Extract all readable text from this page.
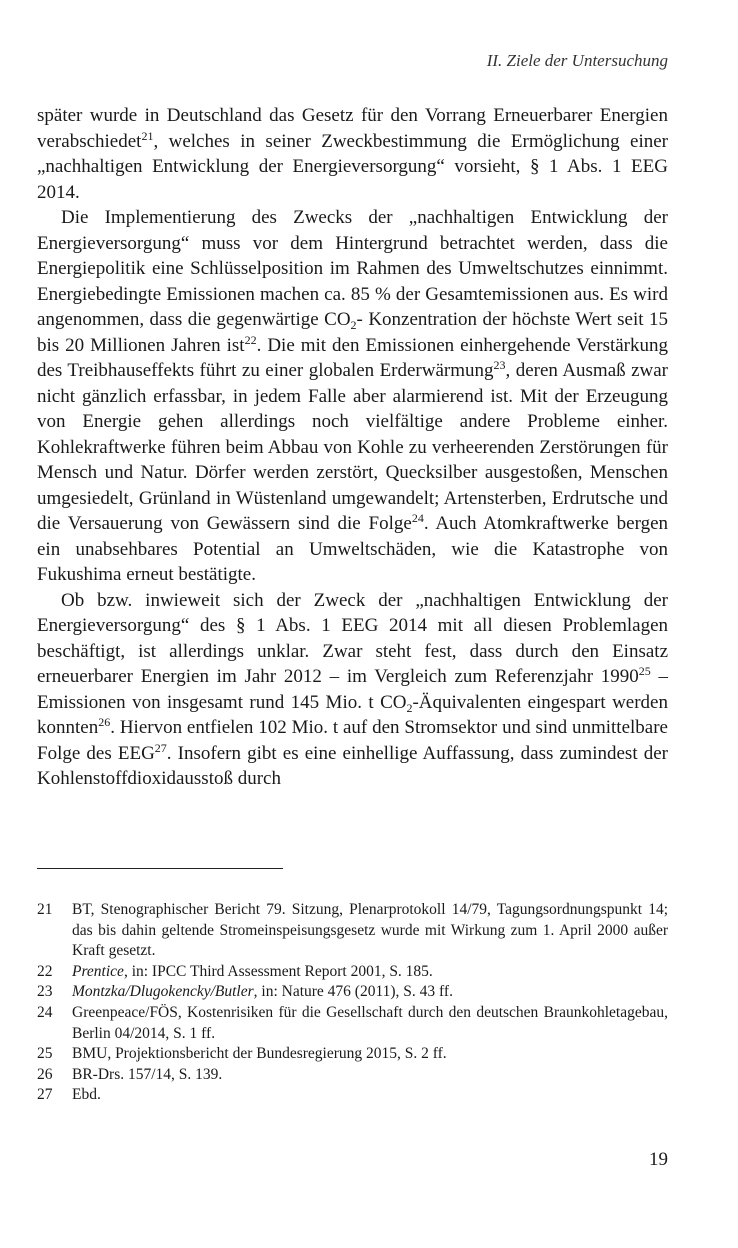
II. Ziele der Untersuchung

später wurde in Deutschland das Gesetz für den Vorrang Erneuerbarer Energien verabschiedet$^{21}$, welches in seiner Zweckbestimmung die Ermöglichung einer „nachhaltigen Entwicklung der Energieversorgung“ vorsieht, § 1 Abs. 1 EEG 2014.

Die Implementierung des Zwecks der „nachhaltigen Entwicklung der Energieversorgung“ muss vor dem Hintergrund betrachtet werden, dass die Energiepolitik eine Schlüsselposition im Rahmen des Umweltschutzes einnimmt. Energiebedingte Emissionen machen ca. 85 % der Gesamtemissionen aus. Es wird angenommen, dass die gegenwärtige $CO_2-$ Konzentration der höchste Wert seit 15 bis 20 Millionen Jahren ist$^{22}$. Die mit den Emissionen einhergehende Verstärkung des Treibhauseffekts führt zu einer globalen Erderwärmung$^{23}$, deren Ausmaß zwar nicht gänzlich erfassbar, in jedem Falle aber alarmierend ist. Mit der Erzeugung von Energie gehen allerdings noch vielfältige andere Probleme einher. Kohlekraftwerke führen beim Abbau von Kohle zu verheerenden Zerstörungen für Mensch und Natur. Dörfer werden zerstört, Quecksilber ausgestoßen, Menschen umgesiedelt, Grünland in Wüstenland umgewandelt; Artensterben, Erdrutsche und die Versauerung von Gewässern sind die Folge$^{24}$. Auch Atomkraftwerke bergen ein unabsehbares Potential an Umweltschäden, wie die Katastrophe von Fukushima erneut bestätigte.

Ob bzw. inwieweit sich der Zweck der „nachhaltigen Entwicklung der Energieversorgung“ des § 1 Abs. 1 EEG 2014 mit all diesen Problemlagen beschäftigt, ist allerdings unklar. Zwar steht fest, dass durch den Einsatz erneuerbarer Energien im Jahr 2012 – im Vergleich zum Referenzjahr 1990$^{25}$ – Emissionen von insgesamt rund 145 Mio. t $CO_2$-Äquivalenten eingespart werden konnten$^{26}$. Hiervon entfielen 102 Mio. t auf den Stromsektor und sind unmittelbare Folge des EEG$^{27}$. Insofern gibt es eine einhellige Auffassung, dass zumindest der Kohlenstoffdioxidausstoß durch

21	BT, Stenographischer Bericht 79. Sitzung, Plenarprotokoll 14/79, Tagungsordnungspunkt 14; das bis dahin geltende Stromeinspeisungsgesetz wurde mit Wirkung zum 1. April 2000 außer Kraft gesetzt.
22	Prentice, in: IPCC Third Assessment Report 2001, S. 185.
23	Montzka/Dlugokencky/Butler, in: Nature 476 (2011), S. 43 ff.
24	Greenpeace/FÖS, Kostenrisiken für die Gesellschaft durch den deutschen Braunkohletagebau, Berlin 04/2014, S. 1 ff.
25	BMU, Projektionsbericht der Bundesregierung 2015, S. 2 ff.
26	BR-Drs. 157/14, S. 139.
27	Ebd.
19
